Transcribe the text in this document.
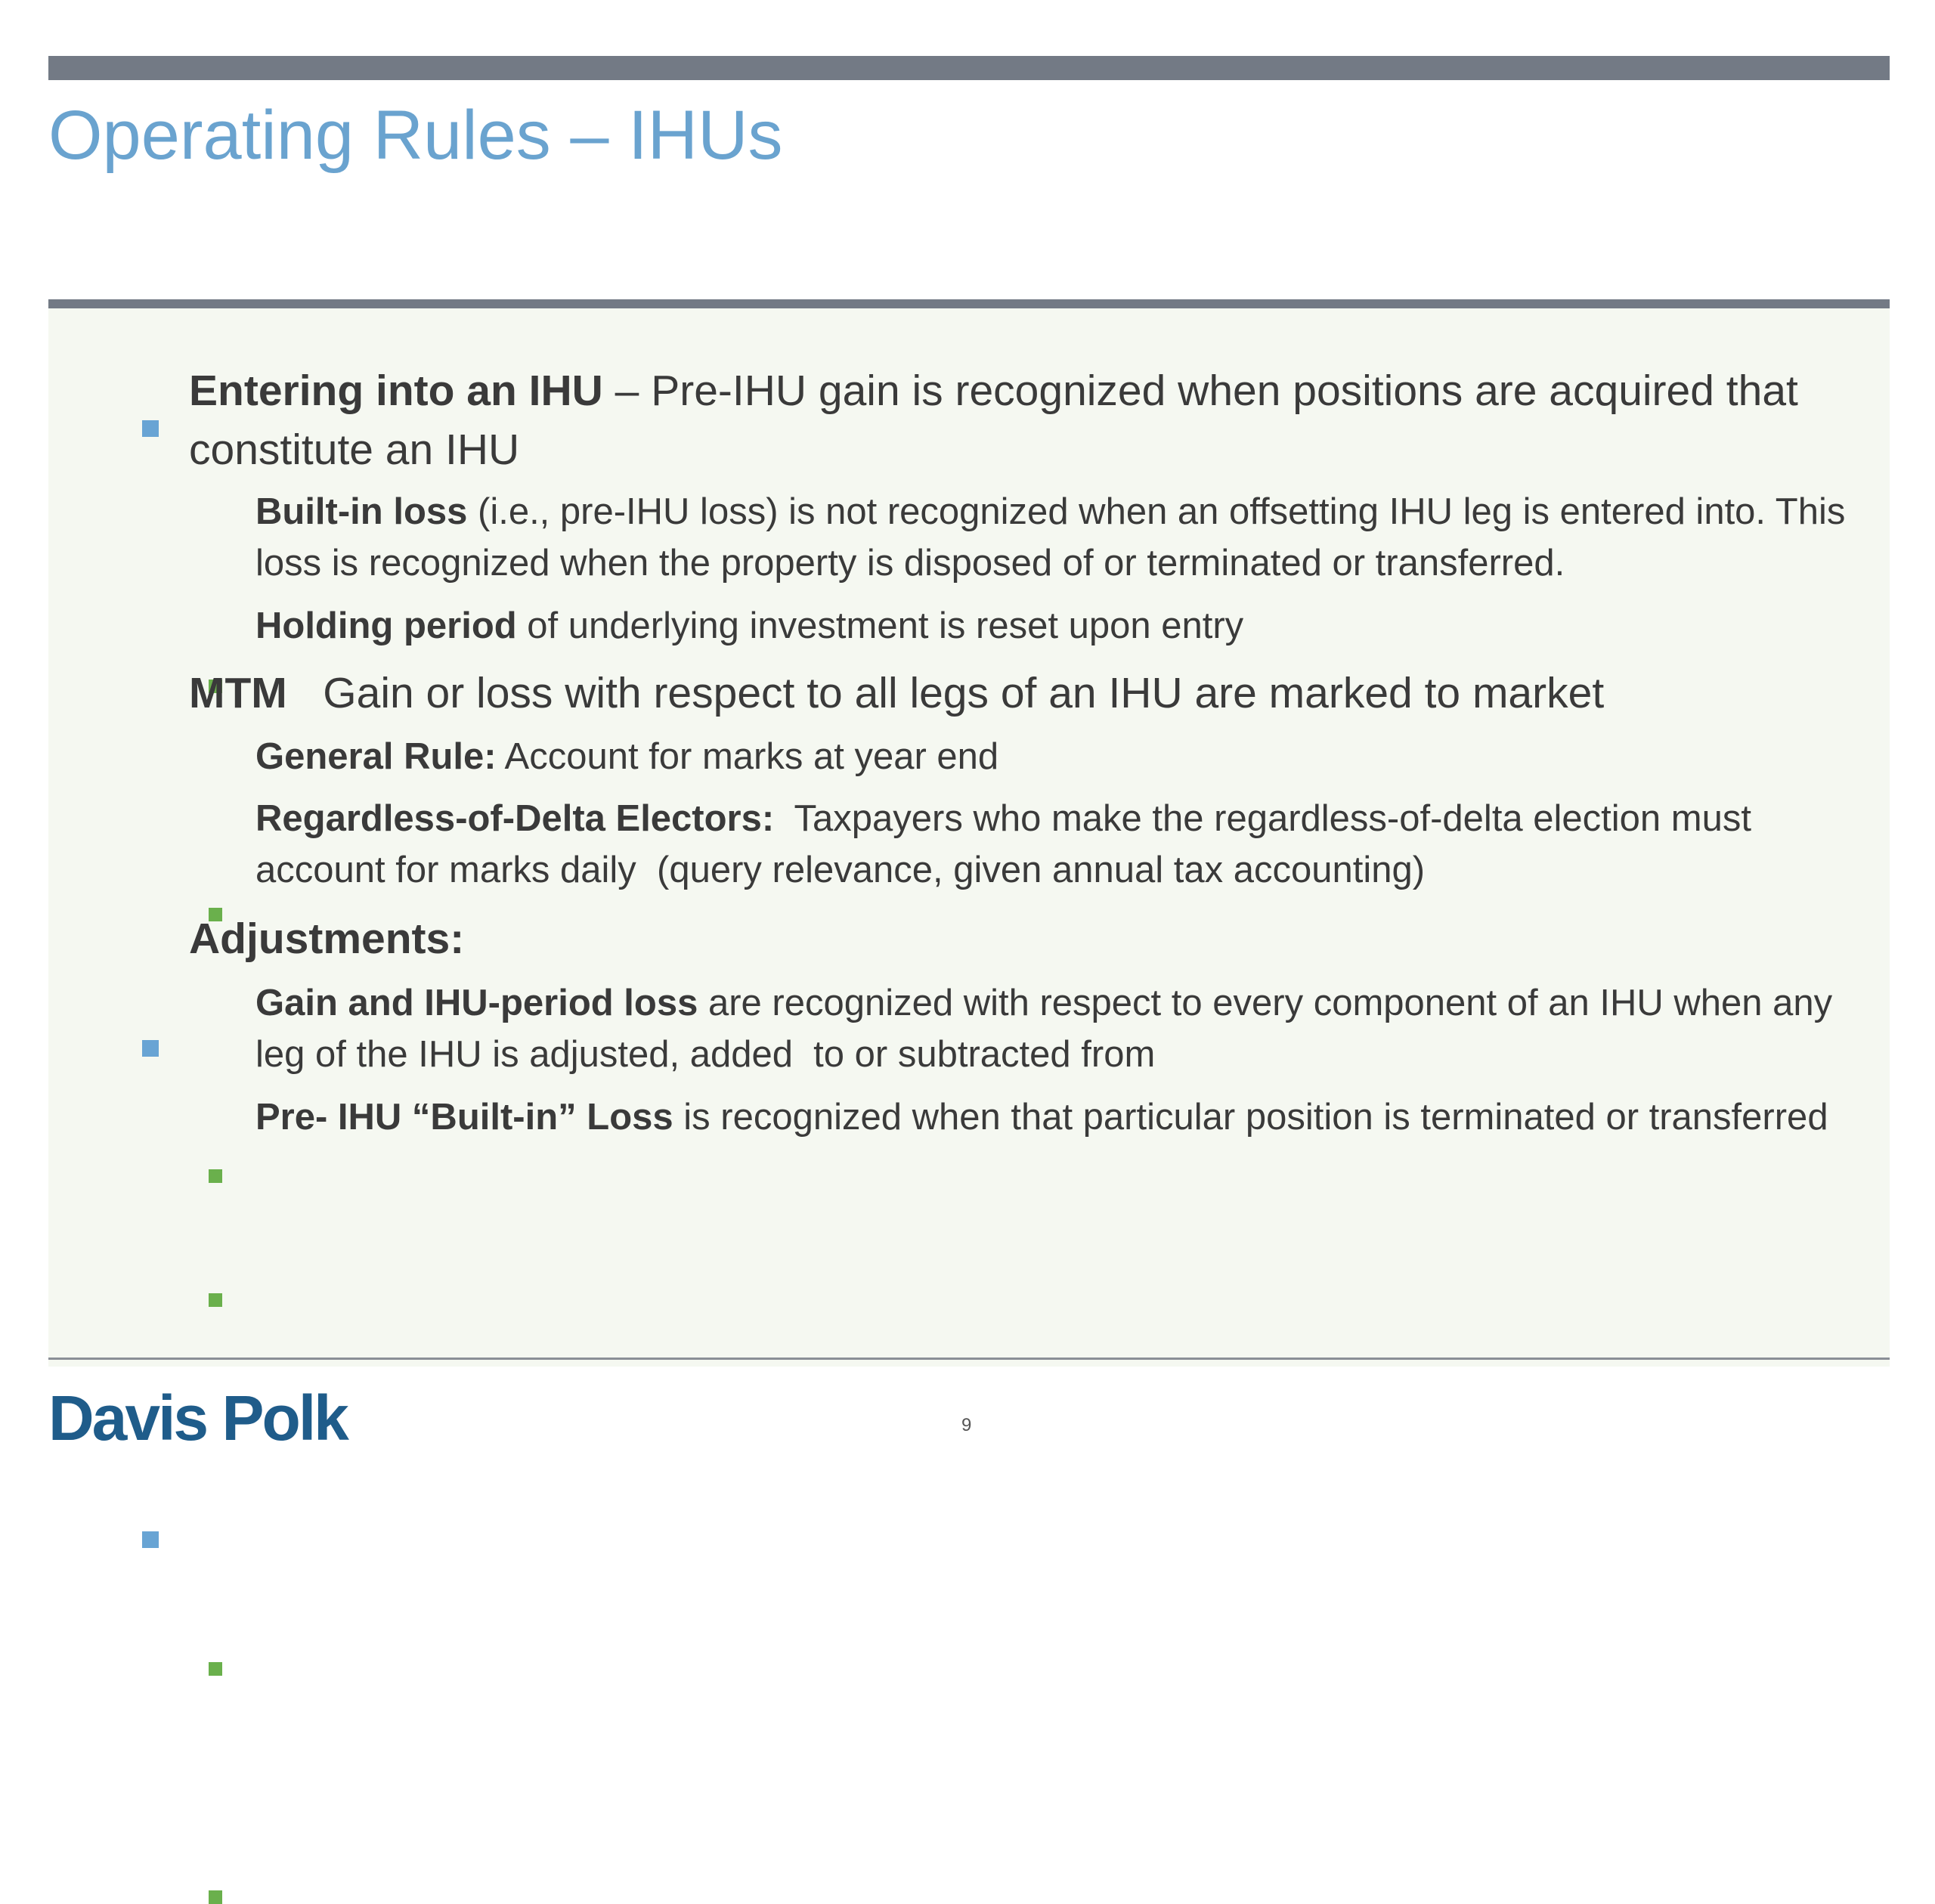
Operating Rules – IHUs
Entering into an IHU – Pre-IHU gain is recognized when positions are acquired that constitute an IHU
Built-in loss (i.e., pre-IHU loss) is not recognized when an offsetting IHU leg is entered into. This loss is recognized when the property is disposed of or terminated or transferred.
Holding period of underlying investment is reset upon entry
MTM   Gain or loss with respect to all legs of an IHU are marked to market
General Rule: Account for marks at year end
Regardless-of-Delta Electors:  Taxpayers who make the regardless-of-delta election must account for marks daily  (query relevance, given annual tax accounting)
Adjustments:
Gain and IHU-period loss are recognized with respect to every component of an IHU when any leg of the IHU is adjusted, added  to or subtracted from
Pre- IHU “Built-in” Loss is recognized when that particular position is terminated or transferred
Davis Polk	9
